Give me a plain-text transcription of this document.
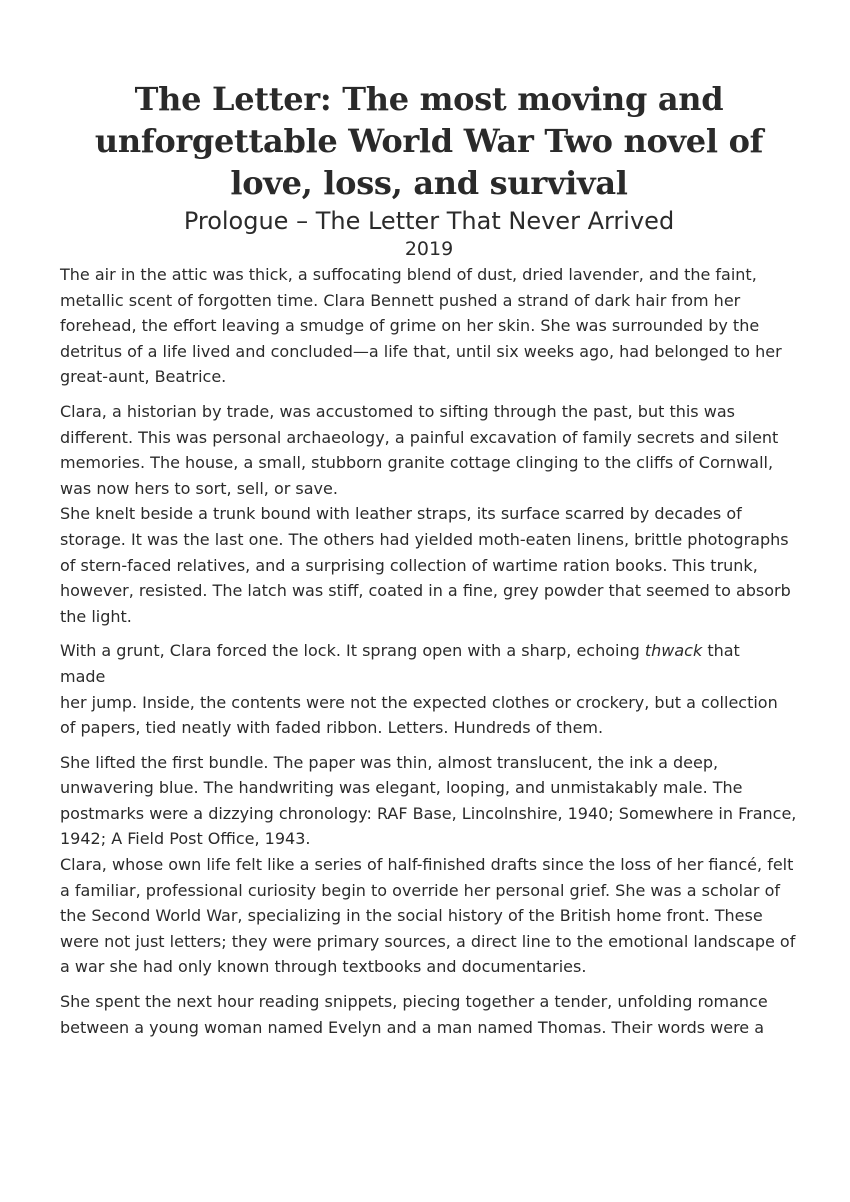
The Letter: The most moving and unforgettable World War Two novel of love, loss, and survival
Prologue – The Letter That Never Arrived
2019

The air in the attic was thick, a suffocating blend of dust, dried lavender, and the faint, metallic scent of forgotten time. Clara Bennett pushed a strand of dark hair from her forehead, the effort leaving a smudge of grime on her skin. She was surrounded by the detritus of a life lived and concluded—a life that, until six weeks ago, had belonged to her great-aunt, Beatrice.

Clara, a historian by trade, was accustomed to sifting through the past, but this was different. This was personal archaeology, a painful excavation of family secrets and silent memories. The house, a small, stubborn granite cottage clinging to the cliffs of Cornwall, was now hers to sort, sell, or save.

She knelt beside a trunk bound with leather straps, its surface scarred by decades of storage. It was the last one. The others had yielded moth-eaten linens, brittle photographs of stern-faced relatives, and a surprising collection of wartime ration books. This trunk, however, resisted. The latch was stiff, coated in a fine, grey powder that seemed to absorb the light.

With a grunt, Clara forced the lock. It sprang open with a sharp, echoing thwack that
made
her jump. Inside, the contents were not the expected clothes or crockery, but a collection of papers, tied neatly with faded ribbon. Letters. Hundreds of them.

She lifted the first bundle. The paper was thin, almost translucent, the ink a deep, unwavering blue. The handwriting was elegant, looping, and unmistakably male. The postmarks were a dizzying chronology: RAF Base, Lincolnshire, 1940; Somewhere in France, 1942; A Field Post Office, 1943.

Clara, whose own life felt like a series of half-finished drafts since the loss of her fiancé, felt a familiar, professional curiosity begin to override her personal grief. She was a scholar of the Second World War, specializing in the social history of the British home front. These were not just letters; they were primary sources, a direct line to the emotional landscape of a war she had only known through textbooks and documentaries.

She spent the next hour reading snippets, piecing together a tender, unfolding romance between a young woman named Evelyn and a man named Thomas. Their words were a
